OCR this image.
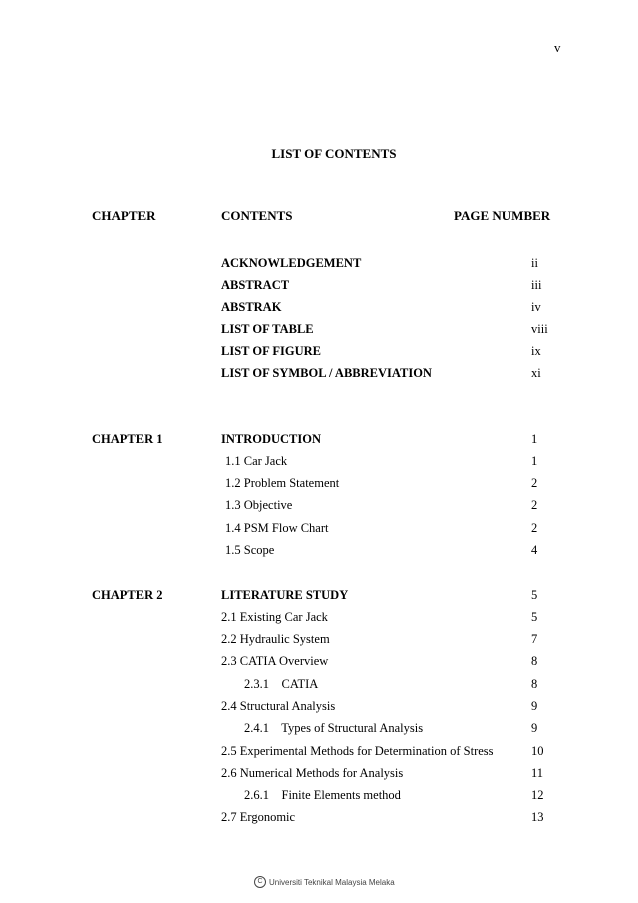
v
LIST OF CONTENTS
CHAPTER	CONTENTS	PAGE NUMBER
ACKNOWLEDGEMENT	ii
ABSTRACT	iii
ABSTRAK	iv
LIST OF TABLE	viii
LIST OF FIGURE	ix
LIST OF SYMBOL / ABBREVIATION	xi
CHAPTER 1	INTRODUCTION	1
1.1 Car Jack	1
1.2 Problem Statement	2
1.3 Objective	2
1.4 PSM Flow Chart	2
1.5 Scope	4
CHAPTER 2	LITERATURE STUDY	5
2.1 Existing Car Jack	5
2.2 Hydraulic System	7
2.3 CATIA Overview	8
2.3.1    CATIA	8
2.4 Structural Analysis	9
2.4.1    Types of Structural Analysis	9
2.5 Experimental Methods for Determination of Stress	10
2.6 Numerical Methods for Analysis	11
2.6.1    Finite Elements method	12
2.7 Ergonomic	13
C Universiti Teknikal Malaysia Melaka
